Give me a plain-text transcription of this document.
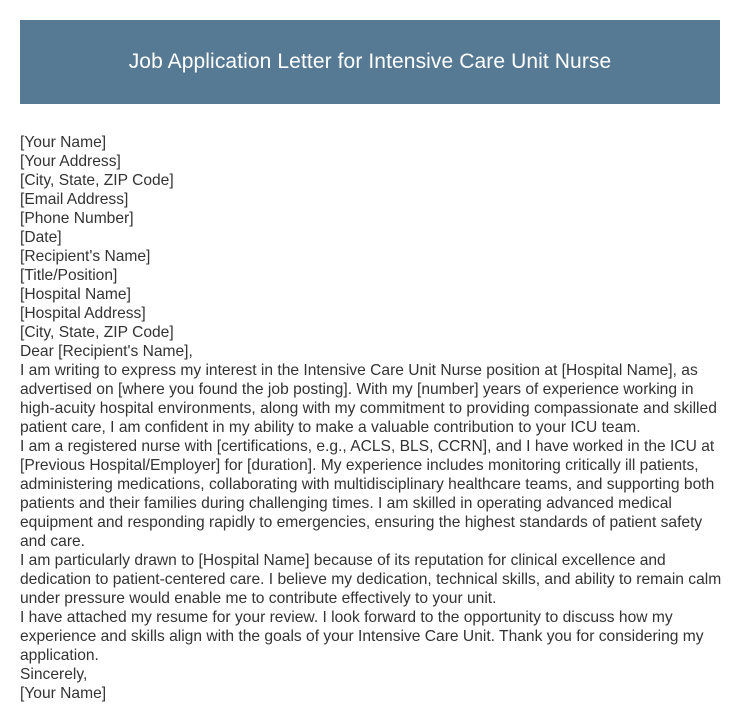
Job Application Letter for Intensive Care Unit Nurse
[Your Name]
[Your Address]
[City, State, ZIP Code]
[Email Address]
[Phone Number]
[Date]
[Recipient's Name]
[Title/Position]
[Hospital Name]
[Hospital Address]
[City, State, ZIP Code]
Dear [Recipient's Name],
I am writing to express my interest in the Intensive Care Unit Nurse position at [Hospital Name], as advertised on [where you found the job posting]. With my [number] years of experience working in high-acuity hospital environments, along with my commitment to providing compassionate and skilled patient care, I am confident in my ability to make a valuable contribution to your ICU team.
I am a registered nurse with [certifications, e.g., ACLS, BLS, CCRN], and I have worked in the ICU at [Previous Hospital/Employer] for [duration]. My experience includes monitoring critically ill patients, administering medications, collaborating with multidisciplinary healthcare teams, and supporting both patients and their families during challenging times. I am skilled in operating advanced medical equipment and responding rapidly to emergencies, ensuring the highest standards of patient safety and care.
I am particularly drawn to [Hospital Name] because of its reputation for clinical excellence and dedication to patient-centered care. I believe my dedication, technical skills, and ability to remain calm under pressure would enable me to contribute effectively to your unit.
I have attached my resume for your review. I look forward to the opportunity to discuss how my experience and skills align with the goals of your Intensive Care Unit. Thank you for considering my application.
Sincerely,
[Your Name]
